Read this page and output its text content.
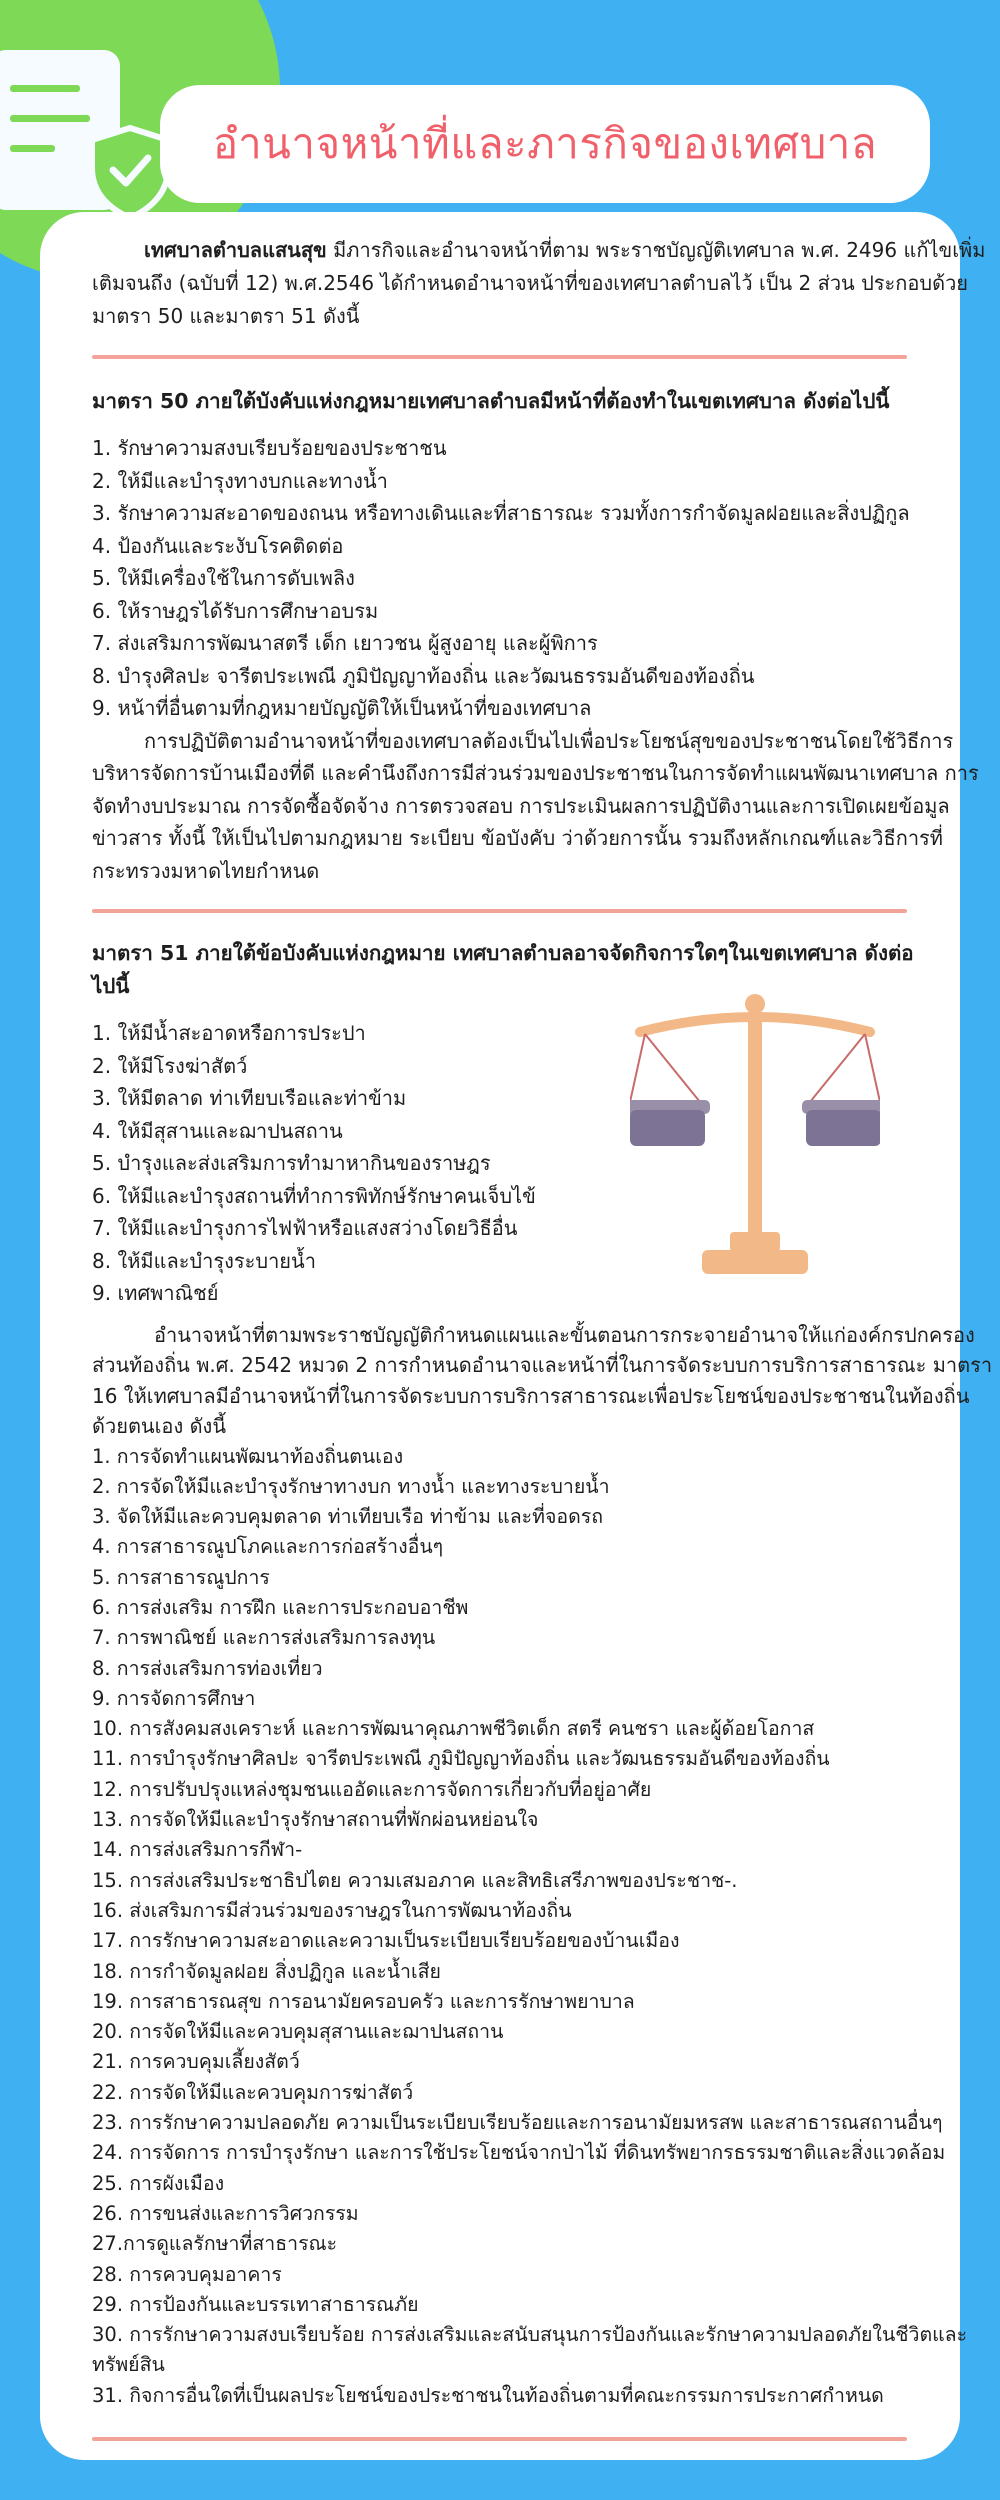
อำนาจหน้าที่และภารกิจของเทศบาล

เทศบาลตำบลแสนสุข มีภารกิจและอำนาจหน้าที่ตาม พระราชบัญญัติเทศบาล พ.ศ. 2496 แก้ไขเพิ่มเติมจนถึง (ฉบับที่ 12) พ.ศ.2546 ได้กำหนดอำนาจหน้าที่ของเทศบาลตำบลไว้ เป็น 2 ส่วน ประกอบด้วย มาตรา 50 และมาตรา 51 ดังนี้

มาตรา 50 ภายใต้บังคับแห่งกฎหมายเทศบาลตำบลมีหน้าที่ต้องทำในเขตเทศบาล ดังต่อไปนี้

1. รักษาความสงบเรียบร้อยของประชาชน
2. ให้มีและบำรุงทางบกและทางน้ำ
3. รักษาความสะอาดของถนน หรือทางเดินและที่สาธารณะ รวมทั้งการกำจัดมูลฝอยและสิ่งปฏิกูล
4. ป้องกันและระงับโรคติดต่อ
5. ให้มีเครื่องใช้ในการดับเพลิง
6. ให้ราษฎรได้รับการศึกษาอบรม
7. ส่งเสริมการพัฒนาสตรี เด็ก เยาวชน ผู้สูงอายุ และผู้พิการ
8. บำรุงศิลปะ จารีตประเพณี ภูมิปัญญาท้องถิ่น และวัฒนธรรมอันดีของท้องถิ่น
9. หน้าที่อื่นตามที่กฎหมายบัญญัติให้เป็นหน้าที่ของเทศบาล

การปฏิบัติตามอำนาจหน้าที่ของเทศบาลต้องเป็นไปเพื่อประโยชน์สุขของประชาชนโดยใช้วิธีการบริหารจัดการบ้านเมืองที่ดี และคำนึงถึงการมีส่วนร่วมของประชาชนในการจัดทำแผนพัฒนาเทศบาล การจัดทำงบประมาณ การจัดซื้อจัดจ้าง การตรวจสอบ การประเมินผลการปฏิบัติงานและการเปิดเผยข้อมูลข่าวสาร ทั้งนี้ ให้เป็นไปตามกฎหมาย ระเบียบ ข้อบังคับ ว่าด้วยการนั้น รวมถึงหลักเกณฑ์และวิธีการที่กระทรวงมหาดไทยกำหนด

มาตรา 51 ภายใต้ข้อบังคับแห่งกฎหมาย เทศบาลตำบลอาจจัดกิจการใดๆในเขตเทศบาล ดังต่อไปนี้

1. ให้มีน้ำสะอาดหรือการประปา
2. ให้มีโรงฆ่าสัตว์
3. ให้มีตลาด ท่าเทียบเรือและท่าข้าม
4. ให้มีสุสานและฌาปนสถาน
5. บำรุงและส่งเสริมการทำมาหากินของราษฎร
6. ให้มีและบำรุงสถานที่ทำการพิทักษ์รักษาคนเจ็บไข้
7. ให้มีและบำรุงการไฟฟ้าหรือแสงสว่างโดยวิธีอื่น
8. ให้มีและบำรุงระบายน้ำ
9. เทศพาณิชย์

อำนาจหน้าที่ตามพระราชบัญญัติกำหนดแผนและขั้นตอนการกระจายอำนาจให้แก่องค์กรปกครองส่วนท้องถิ่น พ.ศ. 2542 หมวด 2 การกำหนดอำนาจและหน้าที่ในการจัดระบบการบริการสาธารณะ มาตรา 16 ให้เทศบาลมีอำนาจหน้าที่ในการจัดระบบการบริการสาธารณะเพื่อประโยชน์ของประชาชนในท้องถิ่นด้วยตนเอง ดังนี้

1. การจัดทำแผนพัฒนาท้องถิ่นตนเอง
2. การจัดให้มีและบำรุงรักษาทางบก ทางน้ำ และทางระบายน้ำ
3. จัดให้มีและควบคุมตลาด ท่าเทียบเรือ ท่าข้าม และที่จอดรถ
4. การสาธารณูปโภคและการก่อสร้างอื่นๆ
5. การสาธารณูปการ
6. การส่งเสริม การฝึก และการประกอบอาชีพ
7. การพาณิชย์ และการส่งเสริมการลงทุน
8. การส่งเสริมการท่องเที่ยว
9. การจัดการศึกษา
10. การสังคมสงเคราะห์ และการพัฒนาคุณภาพชีวิตเด็ก สตรี คนชรา และผู้ด้อยโอกาส
11. การบำรุงรักษาศิลปะ จารีตประเพณี ภูมิปัญญาท้องถิ่น และวัฒนธรรมอันดีของท้องถิ่น
12. การปรับปรุงแหล่งชุมชนแออัดและการจัดการเกี่ยวกับที่อยู่อาศัย
13. การจัดให้มีและบำรุงรักษาสถานที่พักผ่อนหย่อนใจ
14. การส่งเสริมการกีฬา-
15. การส่งเสริมประชาธิปไตย ความเสมอภาค และสิทธิเสรีภาพของประชาช-.
16. ส่งเสริมการมีส่วนร่วมของราษฎรในการพัฒนาท้องถิ่น
17. การรักษาความสะอาดและความเป็นระเบียบเรียบร้อยของบ้านเมือง
18. การกำจัดมูลฝอย สิ่งปฏิกูล และน้ำเสีย
19. การสาธารณสุข การอนามัยครอบครัว และการรักษาพยาบาล
20. การจัดให้มีและควบคุมสุสานและฌาปนสถาน
21. การควบคุมเลี้ยงสัตว์
22. การจัดให้มีและควบคุมการฆ่าสัตว์
23. การรักษาความปลอดภัย ความเป็นระเบียบเรียบร้อยและการอนามัยมหรสพ และสาธารณสถานอื่นๆ
24. การจัดการ การบำรุงรักษา และการใช้ประโยชน์จากป่าไม้ ที่ดินทรัพยากรธรรมชาติและสิ่งแวดล้อม
25. การผังเมือง
26. การขนส่งและการวิศวกรรม
27.การดูแลรักษาที่สาธารณะ
28. การควบคุมอาคาร
29. การป้องกันและบรรเทาสาธารณภัย
30. การรักษาความสงบเรียบร้อย การส่งเสริมและสนับสนุนการป้องกันและรักษาความปลอดภัยในชีวิตและทรัพย์สิน
31. กิจการอื่นใดที่เป็นผลประโยชน์ของประชาชนในท้องถิ่นตามที่คณะกรรมการประกาศกำหนด
